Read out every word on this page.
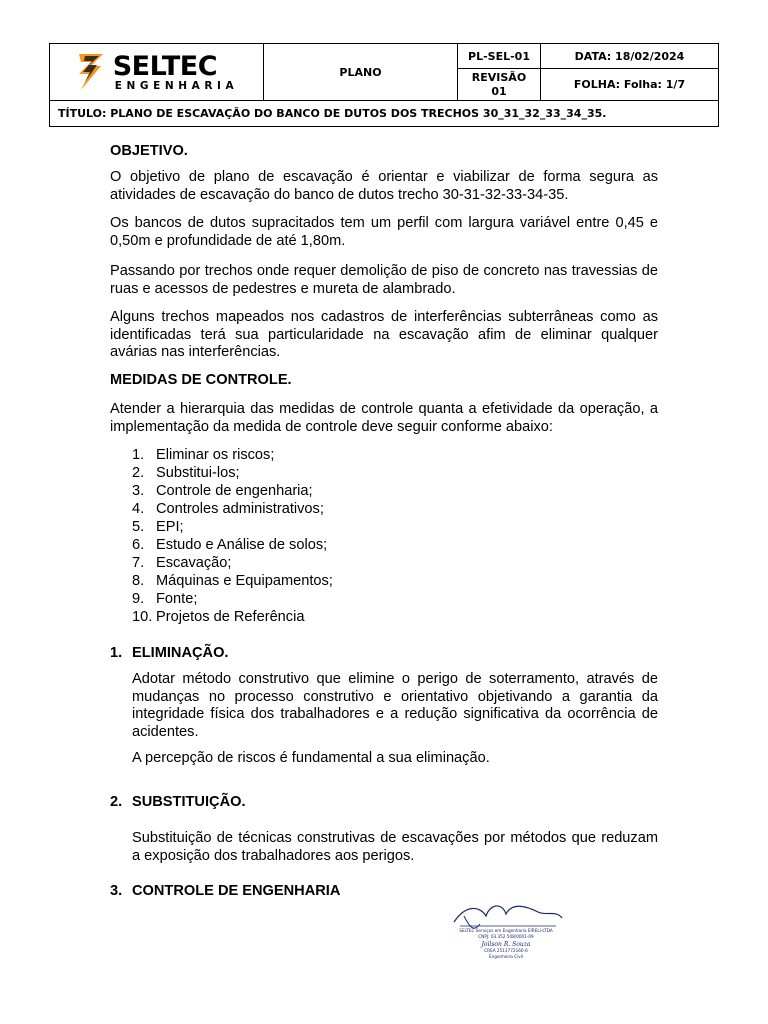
SELTEC
ENGENHARIA
PLANO
PL-SEL-01	DATA: 18/02/2024
REVISÃO
01	FOLHA: Folha: 1/7
TÍTULO: PLANO DE ESCAVAÇÃO DO BANCO DE DUTOS DOS TRECHOS 30_31_32_33_34_35.
OBJETIVO.

O objetivo de plano de escavação é orientar e viabilizar de forma segura as atividades de escavação do banco de dutos trecho 30-31-32-33-34-35.

Os bancos de dutos supracitados tem um perfil com largura variável entre 0,45 e 0,50m e profundidade de até 1,80m.

Passando por trechos onde requer demolição de piso de concreto nas travessias de ruas e acessos de pedestres e mureta de alambrado.

Alguns trechos mapeados nos cadastros de interferências subterrâneas como as identificadas terá sua particularidade na escavação afim de eliminar qualquer avárias nas interferências.

MEDIDAS DE CONTROLE.

Atender a hierarquia das medidas de controle quanta a efetividade da operação, a implementação da medida de controle deve seguir conforme abaixo:

1. Eliminar os riscos;
2. Substitui-los;
3. Controle de engenharia;
4. Controles administrativos;
5. EPI;
6. Estudo e Análise de solos;
7. Escavação;
8. Máquinas e Equipamentos;
9. Fonte;
10. Projetos de Referência
1. ELIMINAÇÃO.

Adotar método construtivo que elimine o perigo de soterramento, através de mudanças no processo construtivo e orientativo objetivando a garantia da integridade física dos trabalhadores e a redução significativa da ocorrência de acidentes.

A percepção de riscos é fundamental a sua eliminação.

2. SUBSTITUIÇÃO.

Substituição de técnicas construtivas de escavações por métodos que reduzam a exposição dos trabalhadores aos perigos.

3. CONTROLE DE ENGENHARIA
SELTEC Serviços em Engenharia EIRELI-LTDA
CNPJ: 03.352.508/0001-09
Joilson R. Souza
CREA 2513772160-6
Engenheiro Civil
